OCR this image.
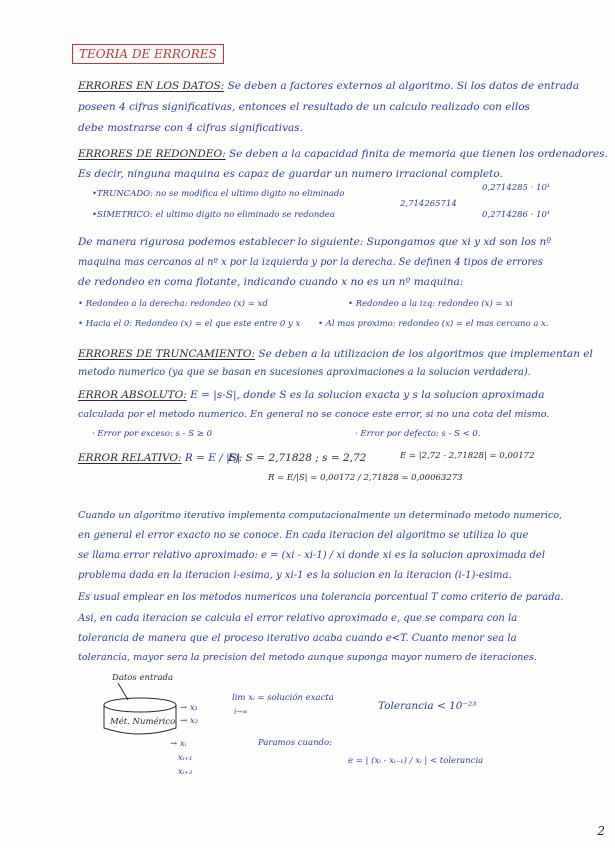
TEORIA DE ERRORES
ERRORES EN LOS DATOS: Se deben a factores externos al algoritmo. Si los datos de entrada
poseen 4 cifras significativas, entonces el resultado de un calculo realizado con ellos
debe mostrarse con 4 cifras significativas.
ERRORES DE REDONDEO: Se deben a la capacidad finita de memoria que tienen los ordenadores.
Es decir, ninguna maquina es capaz de guardar un numero irracional completo.
•TRUNCADO: no se modifica el ultimo digito no eliminado
•SIMETRICO: el ultimo digito no eliminado se redondea
2,714265714
0,2714285 · 10¹
0,2714286 · 10¹
De manera rigurosa podemos establecer lo siguiente: Supongamos que xi y xd son los nº
maquina mas cercanos al nº x por la izquierda y por la derecha. Se definen 4 tipos de errores
de redondeo en coma flotante, indicando cuando x no es un nº maquina:
• Redondeo a la derecha: redondeo (x) = xd	• Redondeo a la izq: redondeo (x) = xi
• Hacia el 0: Redondeo (x) = el que este entre 0 y x • Al mas proximo: redondeo (x) = el mas cercano a x.
ERRORES DE TRUNCAMIENTO: Se deben a la utilizacion de los algoritmos que implementan el
metodo numerico (ya que se basan en sucesiones aproximaciones a la solucion verdadera).
ERROR ABSOLUTO: E = |s-S|, donde S es la solucion exacta y s la solucion aproximada
calculada por el metodo numerico. En general no se conoce este error, si no una cota del mismo.
· Error por exceso: s - S ≥ 0	· Error por defecto: s - S < 0.
ERROR RELATIVO: R = E / |S|
Ej: S = 2,71828 ; s = 2,72	E = |2,72 - 2,71828| = 0,00172
R = E/|S| = 0,00172 / 2,71828 = 0,00063273
Cuando un algoritmo iterativo implementa computacionalmente un determinado metodo numerico,
en general el error exacto no se conoce. En cada iteracion del algoritmo se utiliza lo que
se llama error relativo aproximado: e = (xi - xi-1) / xi donde xi es la solucion aproximada del
problema dada en la iteracion i-esima, y xi-1 es la solucion en la iteracion (i-1)-esima.
Es usual emplear en los metodos numericos una tolerancia porcentual T como criterio de parada.
Asi, en cada iteracion se calcula el error relativo aproximado e, que se compara con la
tolerancia de manera que el proceso iterativo acaba cuando e<T. Cuanto menor sea la
tolerancia, mayor sera la precision del metodo aunque suponga mayor numero de iteraciones.
Datos entrada
Mét. Numérico
→ x₁
→ x₂
→ xᵢ
xᵢ₊₁
xᵢ₊₂
lim xᵢ = solución exacta
i→∞	Tolerancia < 10⁻²³
Paramos cuando:
e = | (xᵢ - xᵢ₋₁) / xᵢ | < tolerancia
2
